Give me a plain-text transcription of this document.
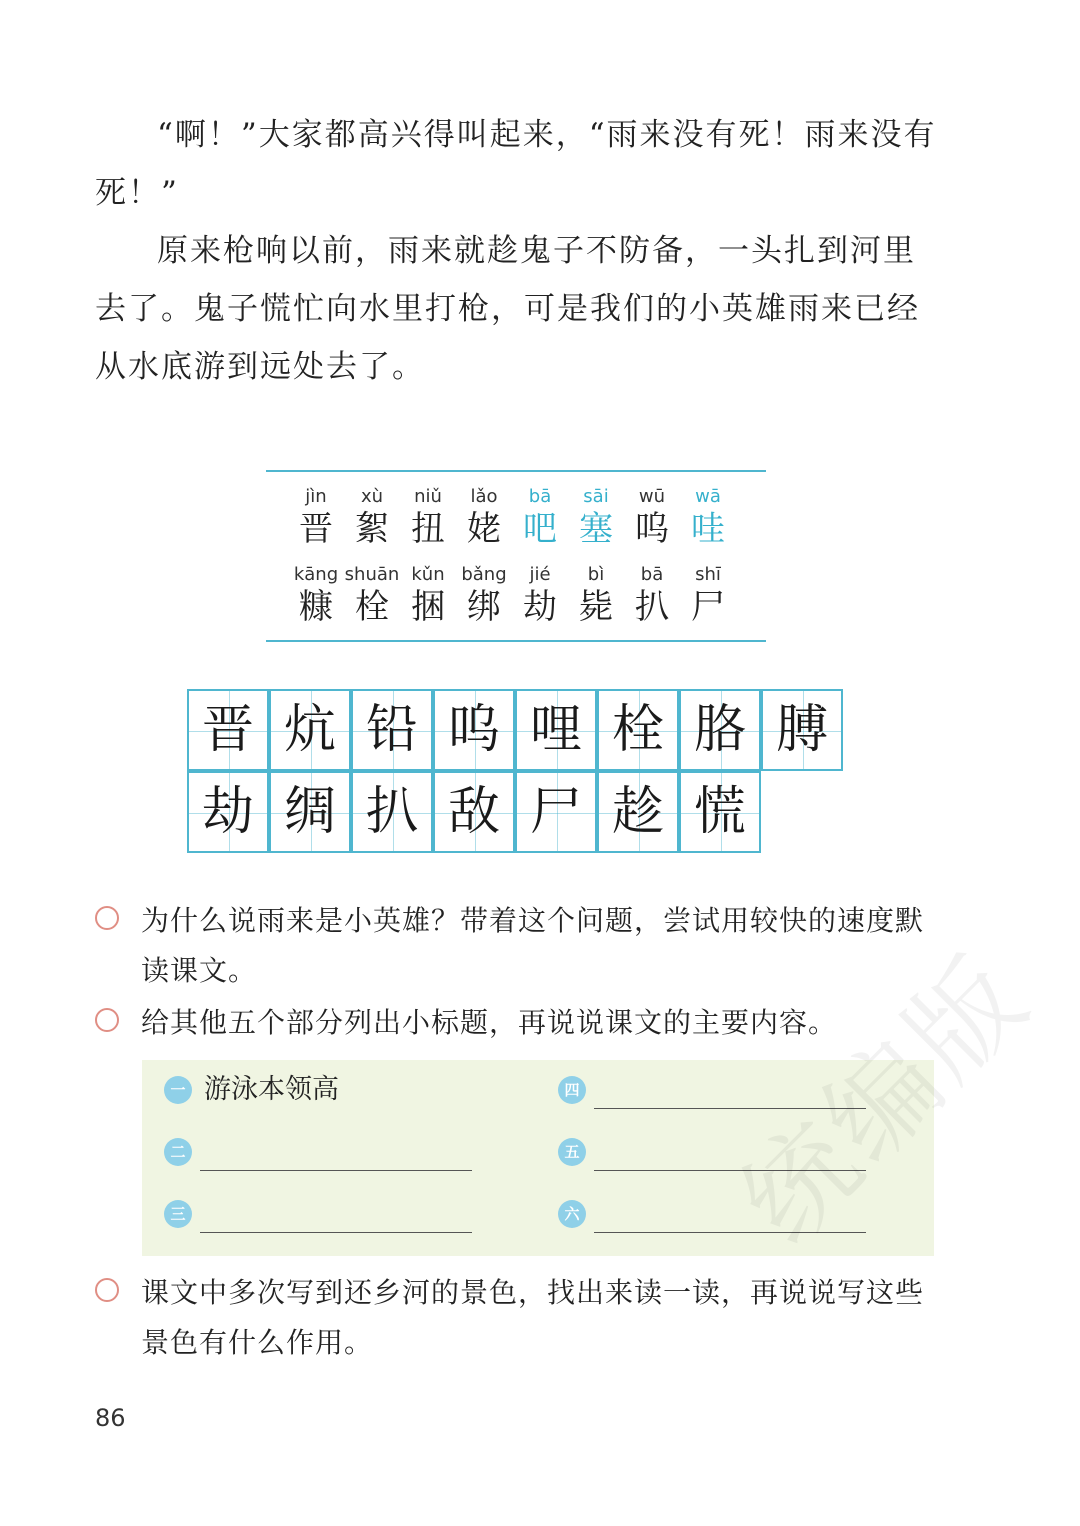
“啊！”大家都高兴得叫起来，“雨来没有死！雨来没有死！”

原来枪响以前，雨来就趁鬼子不防备，一头扎到河里去了。鬼子慌忙向水里打枪，可是我们的小英雄雨来已经从水底游到远处去了。

jìn
晋
xù
絮
niǔ
扭
lǎo
姥
bā
吧
sāi
塞
wū
呜
wā
哇
kāng
糠
shuān
栓
kǔn
捆
bǎng
绑
jié
劫
bì
毙
bā
扒
shī
尸
晋 炕 铅 呜 哩 栓 胳 膊
劫 绸 扒 敌 尸 趁 慌

为什么说雨来是小英雄？带着这个问题，尝试用较快的速度默读课文。

给其他五个部分列出小标题，再说说课文的主要内容。

一 游泳本领高
二
三
四
五
六

课文中多次写到还乡河的景色，找出来读一读，再说说写这些景色有什么作用。

统编版
86
